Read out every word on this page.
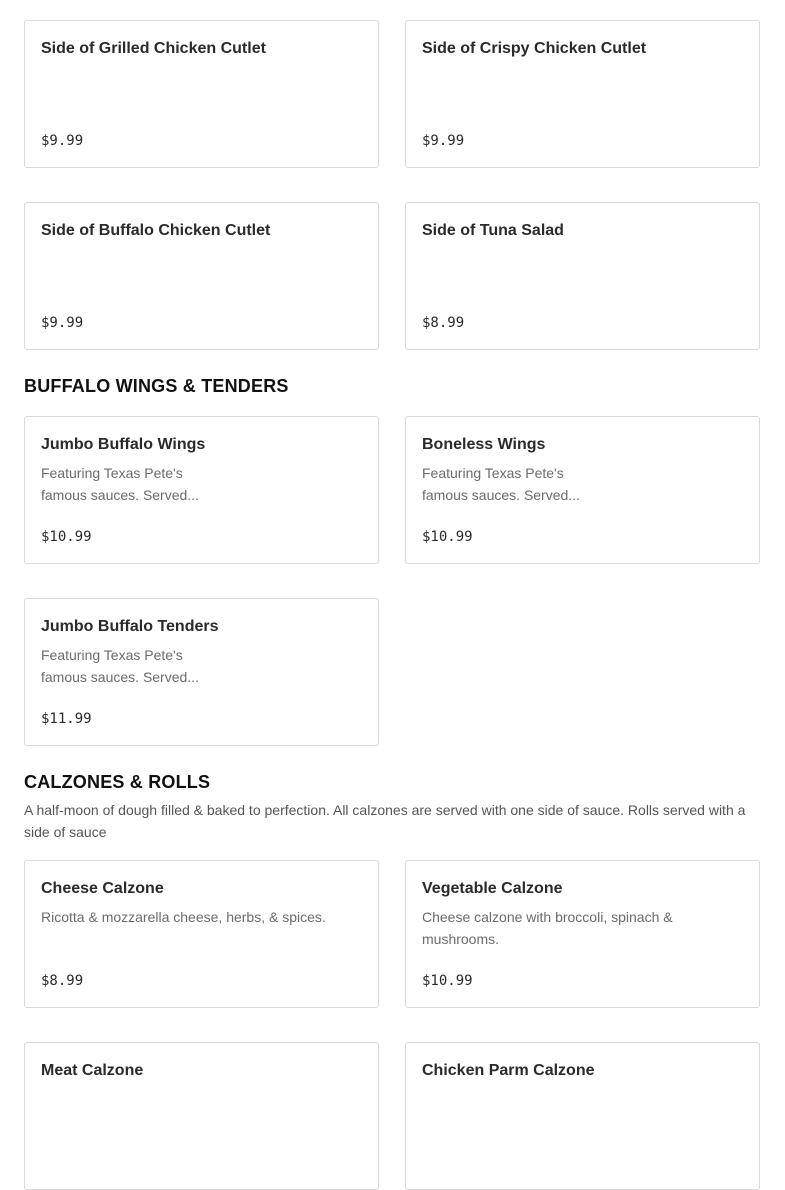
Side of Grilled Chicken Cutlet
$9.99
Side of Crispy Chicken Cutlet
$9.99
Side of Buffalo Chicken Cutlet
$9.99
Side of Tuna Salad
$8.99
BUFFALO WINGS & TENDERS
Jumbo Buffalo Wings
Featuring Texas Pete's famous sauces. Served...
$10.99
Boneless Wings
Featuring Texas Pete's famous sauces. Served...
$10.99
Jumbo Buffalo Tenders
Featuring Texas Pete's famous sauces. Served...
$11.99
CALZONES & ROLLS

A half-moon of dough filled & baked to perfection. All calzones are served with one side of sauce. Rolls served with a side of sauce

Cheese Calzone
Ricotta & mozzarella cheese, herbs, & spices.
$8.99
Vegetable Calzone
Cheese calzone with broccoli, spinach & mushrooms.
$10.99
Meat Calzone	Chicken Parm Calzone
